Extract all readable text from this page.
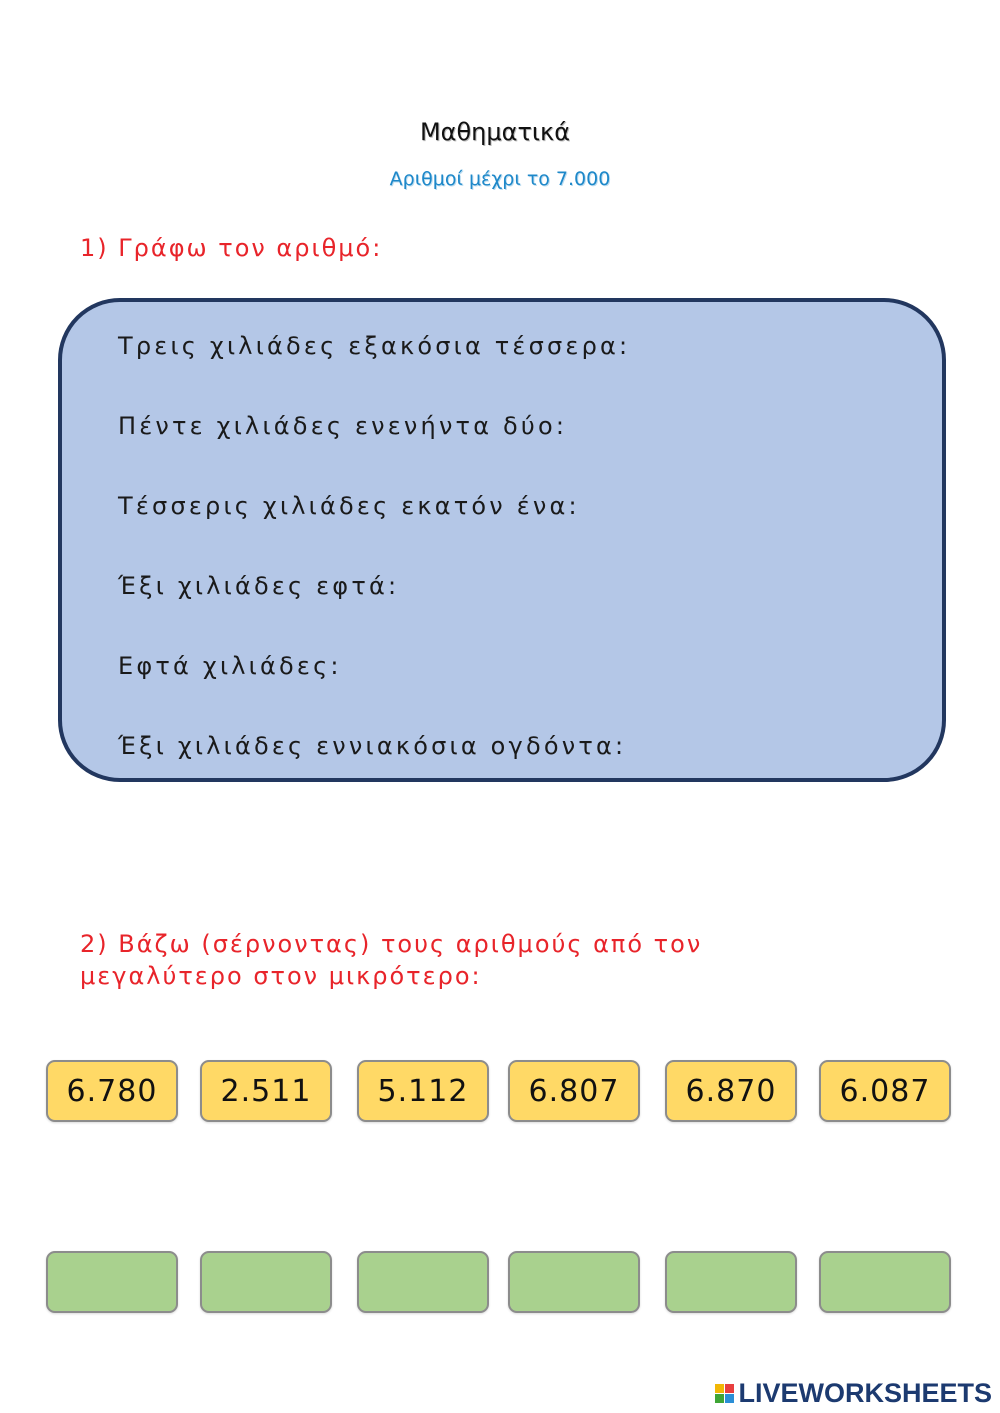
Μαθηματικά
Αριθμοί μέχρι το 7.000
1) Γράφω τον αριθμό:
Τρεις χιλιάδες εξακόσια τέσσερα:
Πέντε χιλιάδες ενενήντα δύο:
Τέσσερις χιλιάδες εκατόν ένα:
Έξι χιλιάδες εφτά:
Εφτά χιλιάδες:
Έξι χιλιάδες εννιακόσια ογδόντα:
2) Βάζω (σέρνοντας) τους αριθμούς από τον μεγαλύτερο στον μικρότερο:
6.780	2.511	5.112	6.807	6.870	6.087
LIVEWORKSHEETS
